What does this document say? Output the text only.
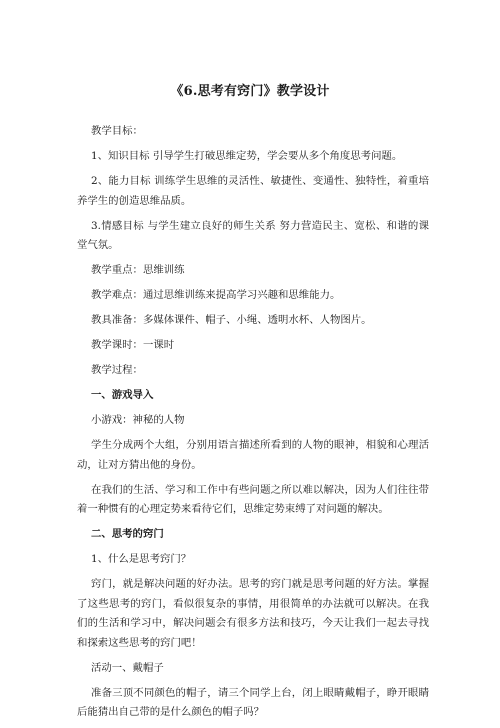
《6.思考有窍门》教学设计

教学目标：

1、知识目标 引导学生打破思维定势，学会要从多个角度思考问题。

2、能力目标 训练学生思维的灵活性、敏捷性、变通性、独特性，着重培养学生的创造思维品质。

3.情感目标 与学生建立良好的师生关系 努力营造民主、宽松、和谐的课堂气氛。

教学重点：思维训练

教学难点：通过思维训练来提高学习兴趣和思维能力。

教具准备：多媒体课件、帽子、小绳、透明水杯、人物图片。

教学课时：一课时

教学过程：

一、游戏导入

小游戏：神秘的人物

学生分成两个大组，分别用语言描述所看到的人物的眼神，相貌和心理活动，让对方猜出他的身份。

在我们的生活、学习和工作中有些问题之所以难以解决，因为人们往往带着一种惯有的心理定势来看待它们，思维定势束缚了对问题的解决。

二、思考的窍门

1、什么是思考窍门？

窍门，就是解决问题的好办法。思考的窍门就是思考问题的好方法。掌握了这些思考的窍门，看似很复杂的事情，用很简单的办法就可以解决。在我们的生活和学习中，解决问题会有很多方法和技巧，今天让我们一起去寻找和探索这些思考的窍门吧！

活动一、戴帽子

准备三顶不同颜色的帽子，请三个同学上台，闭上眼睛戴帽子，睁开眼睛后能猜出自己带的是什么颜色的帽子吗？
